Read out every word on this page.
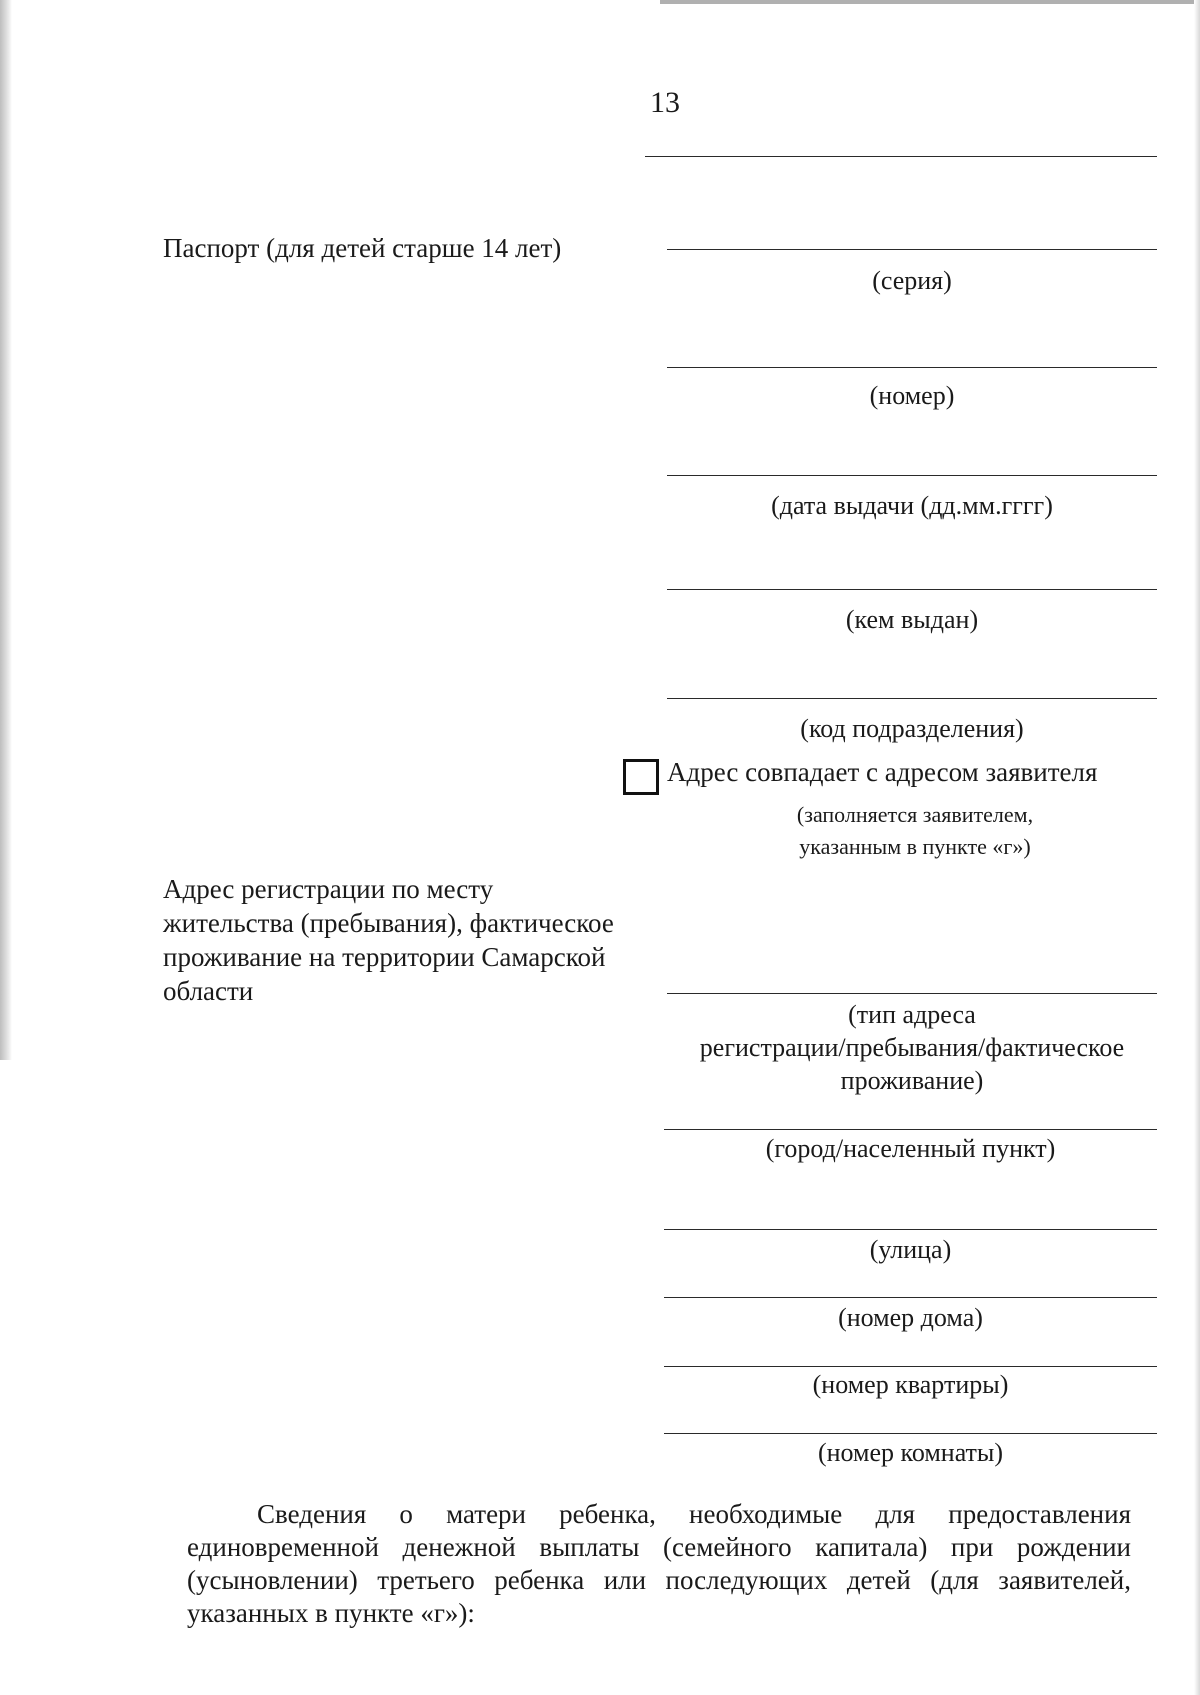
13
Паспорт (для детей старше 14 лет)
(серия)
(номер)
(дата выдачи (дд.мм.гггг)
(кем выдан)
(код подразделения)
Адрес совпадает с адресом заявителя
(заполняется заявителем,
указанным в пункте «г»)
Адрес регистрации по месту
жительства (пребывания), фактическое
проживание на территории Самарской
области
(тип адреса
регистрации/пребывания/фактическое
проживание)
(город/населенный пункт)
(улица)
(номер дома)
(номер квартиры)
(номер комнаты)
Сведения о матери ребенка, необходимые для предоставления единовременной денежной выплаты (семейного капитала) при рождении (усыновлении) третьего ребенка или последующих детей (для заявителей, указанных в пункте «г»):
